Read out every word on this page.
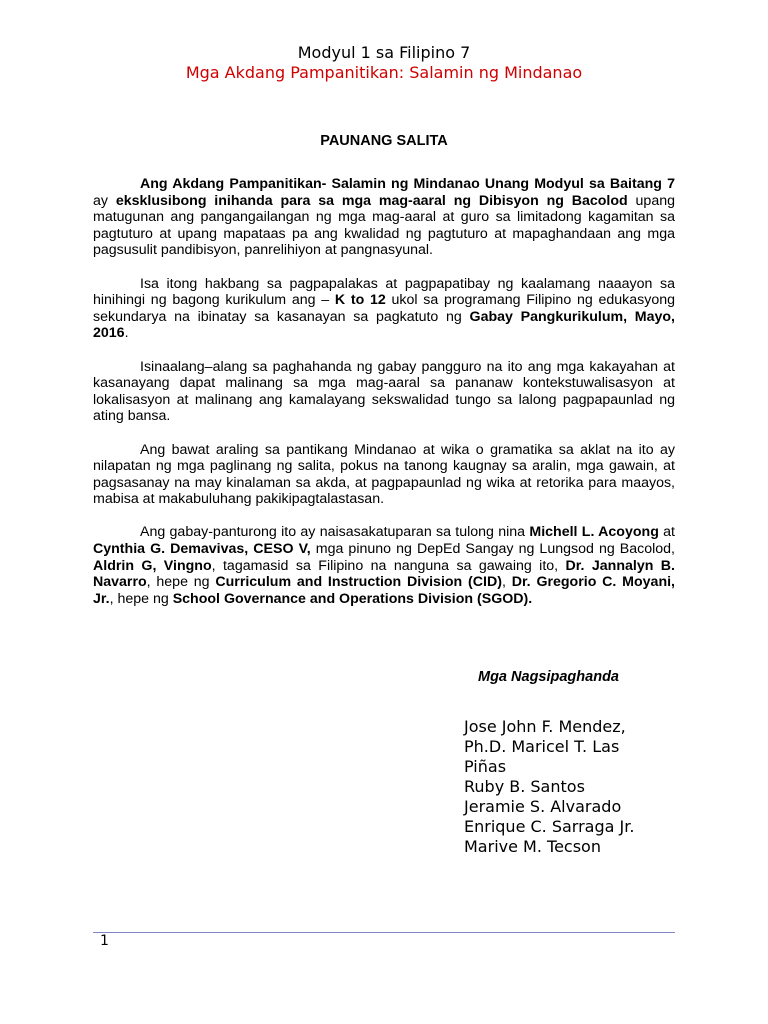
Modyul 1 sa Filipino 7
Mga Akdang Pampanitikan: Salamin ng Mindanao
PAUNANG SALITA

Ang Akdang Pampanitikan- Salamin ng Mindanao Unang Modyul sa Baitang 7 ay eksklusibong inihanda para sa mga mag-aaral ng Dibisyon ng Bacolod upang matugunan ang pangangailangan ng mga mag-aaral at guro sa limitadong kagamitan sa pagtuturo at upang mapataas pa ang kwalidad ng pagtuturo at mapaghandaan ang mga pagsusulit pandibisyon, panrelihiyon at pangnasyunal.

Isa itong hakbang sa pagpapalakas at pagpapatibay ng kaalamang naaayon sa hinihingi ng bagong kurikulum ang – K to 12 ukol sa programang Filipino ng edukasyong sekundarya na ibinatay sa kasanayan sa pagkatuto ng Gabay Pangkurikulum, Mayo, 2016.

Isinaalang–alang sa paghahanda ng gabay pangguro na ito ang mga kakayahan at kasanayang dapat malinang sa mga mag-aaral sa pananaw kontekstuwalisasyon at lokalisasyon at malinang ang kamalayang sekswalidad tungo sa lalong pagpapaunlad ng ating bansa.

Ang bawat araling sa pantikang Mindanao at wika o gramatika sa aklat na ito ay nilapatan ng mga paglinang ng salita, pokus na tanong kaugnay sa aralin, mga gawain, at pagsasanay na may kinalaman sa akda, at pagpapaunlad ng wika at retorika para maayos, mabisa at makabuluhang pakikipagtalastasan.

Ang gabay-panturong ito ay naisasakatuparan sa tulong nina Michell L. Acoyong at Cynthia G. Demavivas, CESO V, mga pinuno ng DepEd Sangay ng Lungsod ng Bacolod, Aldrin G, Vingno, tagamasid sa Filipino na nanguna sa gawaing ito, Dr. Jannalyn B. Navarro, hepe ng Curriculum and Instruction Division (CID), Dr. Gregorio C. Moyani, Jr., hepe ng School Governance and Operations Division (SGOD).

Mga Nagsipaghanda
Jose John F. Mendez,
Ph.D. Maricel T. Las
Piñas
Ruby B. Santos
Jeramie S. Alvarado
Enrique C. Sarraga Jr.
Marive M. Tecson
1
